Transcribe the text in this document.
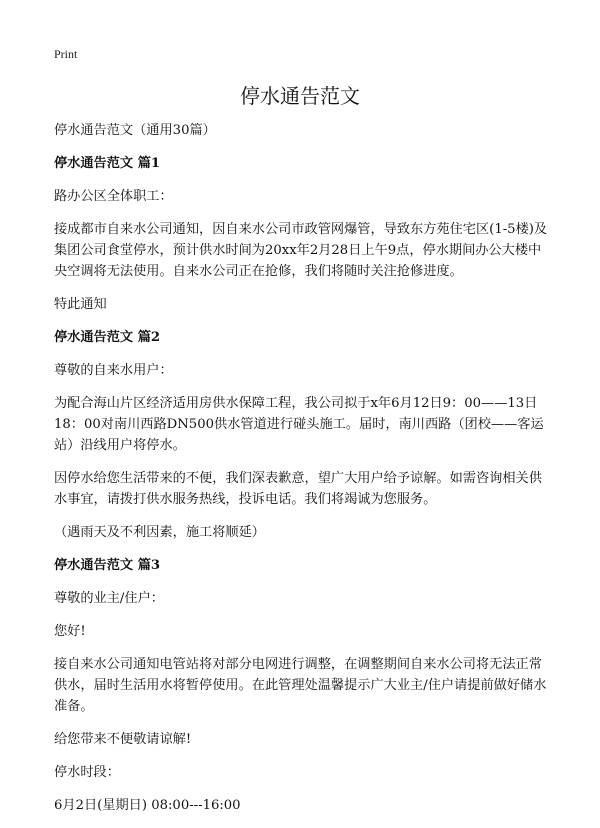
Print
停水通告范文
停水通告范文（通用30篇）
停水通告范文 篇1
路办公区全体职工：
接成都市自来水公司通知，因自来水公司市政管网爆管，导致东方苑住宅区(1-5楼)及集团公司食堂停水，预计供水时间为20xx年2月28日上午9点，停水期间办公大楼中央空调将无法使用。自来水公司正在抢修，我们将随时关注抢修进度。
特此通知
停水通告范文 篇2
尊敬的自来水用户：
为配合海山片区经济适用房供水保障工程，我公司拟于x年6月12日9：00——13日18：00对南川西路DN500供水管道进行碰头施工。届时，南川西路（团校——客运站）沿线用户将停水。
因停水给您生活带来的不便，我们深表歉意，望广大用户给予谅解。如需咨询相关供水事宜，请拨打供水服务热线，投诉电话。我们将竭诚为您服务。
（遇雨天及不利因素，施工将顺延）
停水通告范文 篇3
尊敬的业主/住户：
您好!
接自来水公司通知电管站将对部分电网进行调整，在调整期间自来水公司将无法正常供水，届时生活用水将暂停使用。在此管理处温馨提示广大业主/住户请提前做好储水准备。
给您带来不便敬请谅解!
停水时段：
6月2日(星期日) 08:00---16:00
